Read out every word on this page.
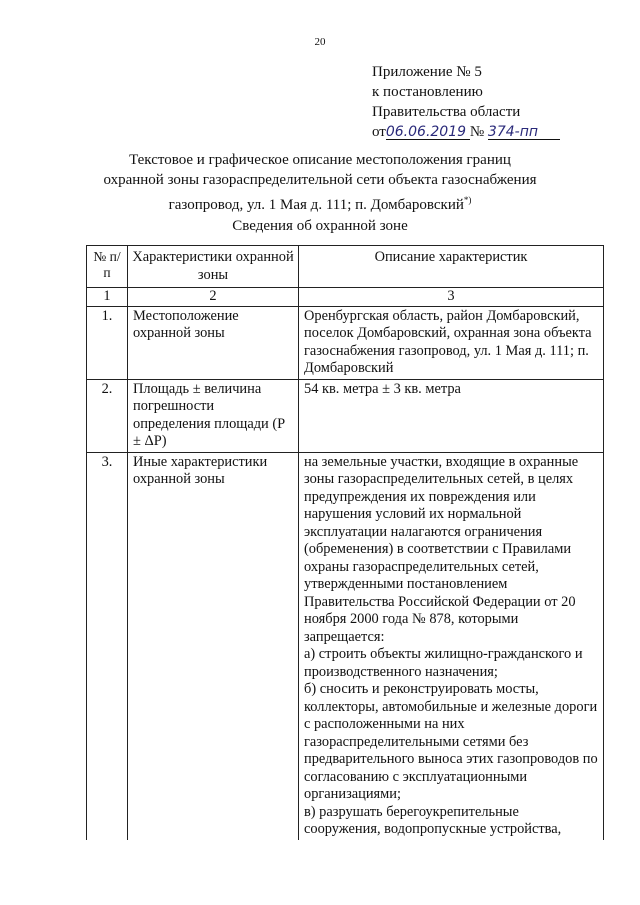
20
Приложение № 5
к постановлению
Правительства области
от06.06.2019 № 374-пп
Текстовое и графическое описание местоположения границ
охранной зоны газораспределительной сети объекта газоснабжения
газопровод, ул. 1 Мая д. 111; п. Домбаровский*)
Сведения об охранной зоне
№ п/п	Характеристики охранной зоны	Описание характеристик
1	2	3
1.	Местоположение охранной зоны	Оренбургская область, район Домбаровский, поселок Домбаровский, охранная зона объекта газоснабжения газопровод, ул. 1 Мая д. 111; п. Домбаровский

2.	Площадь ± величина погрешности определения площади (P ± ΔP)	54 кв. метра ± 3 кв. метра

3.	Иные характеристики охранной зоны	на земельные участки, входящие в охранные зоны газораспределительных сетей, в целях предупреждения их повреждения или нарушения условий их нормальной эксплуатации налагаются ограничения (обременения) в соответствии с Правилами охраны газораспределительных сетей, утвержденными постановлением Правительства Российской Федерации от 20 ноября 2000 года № 878, которыми запрещается:

а) строить объекты жилищно-гражданского и производственного назначения;

б) сносить и реконструировать мосты, коллекторы, автомобильные и железные дороги с расположенными на них газораспределительными сетями без предварительного выноса этих газопроводов по согласованию с эксплуатационными организациями;

в) разрушать берегоукрепительные сооружения, водопропускные устройства,
